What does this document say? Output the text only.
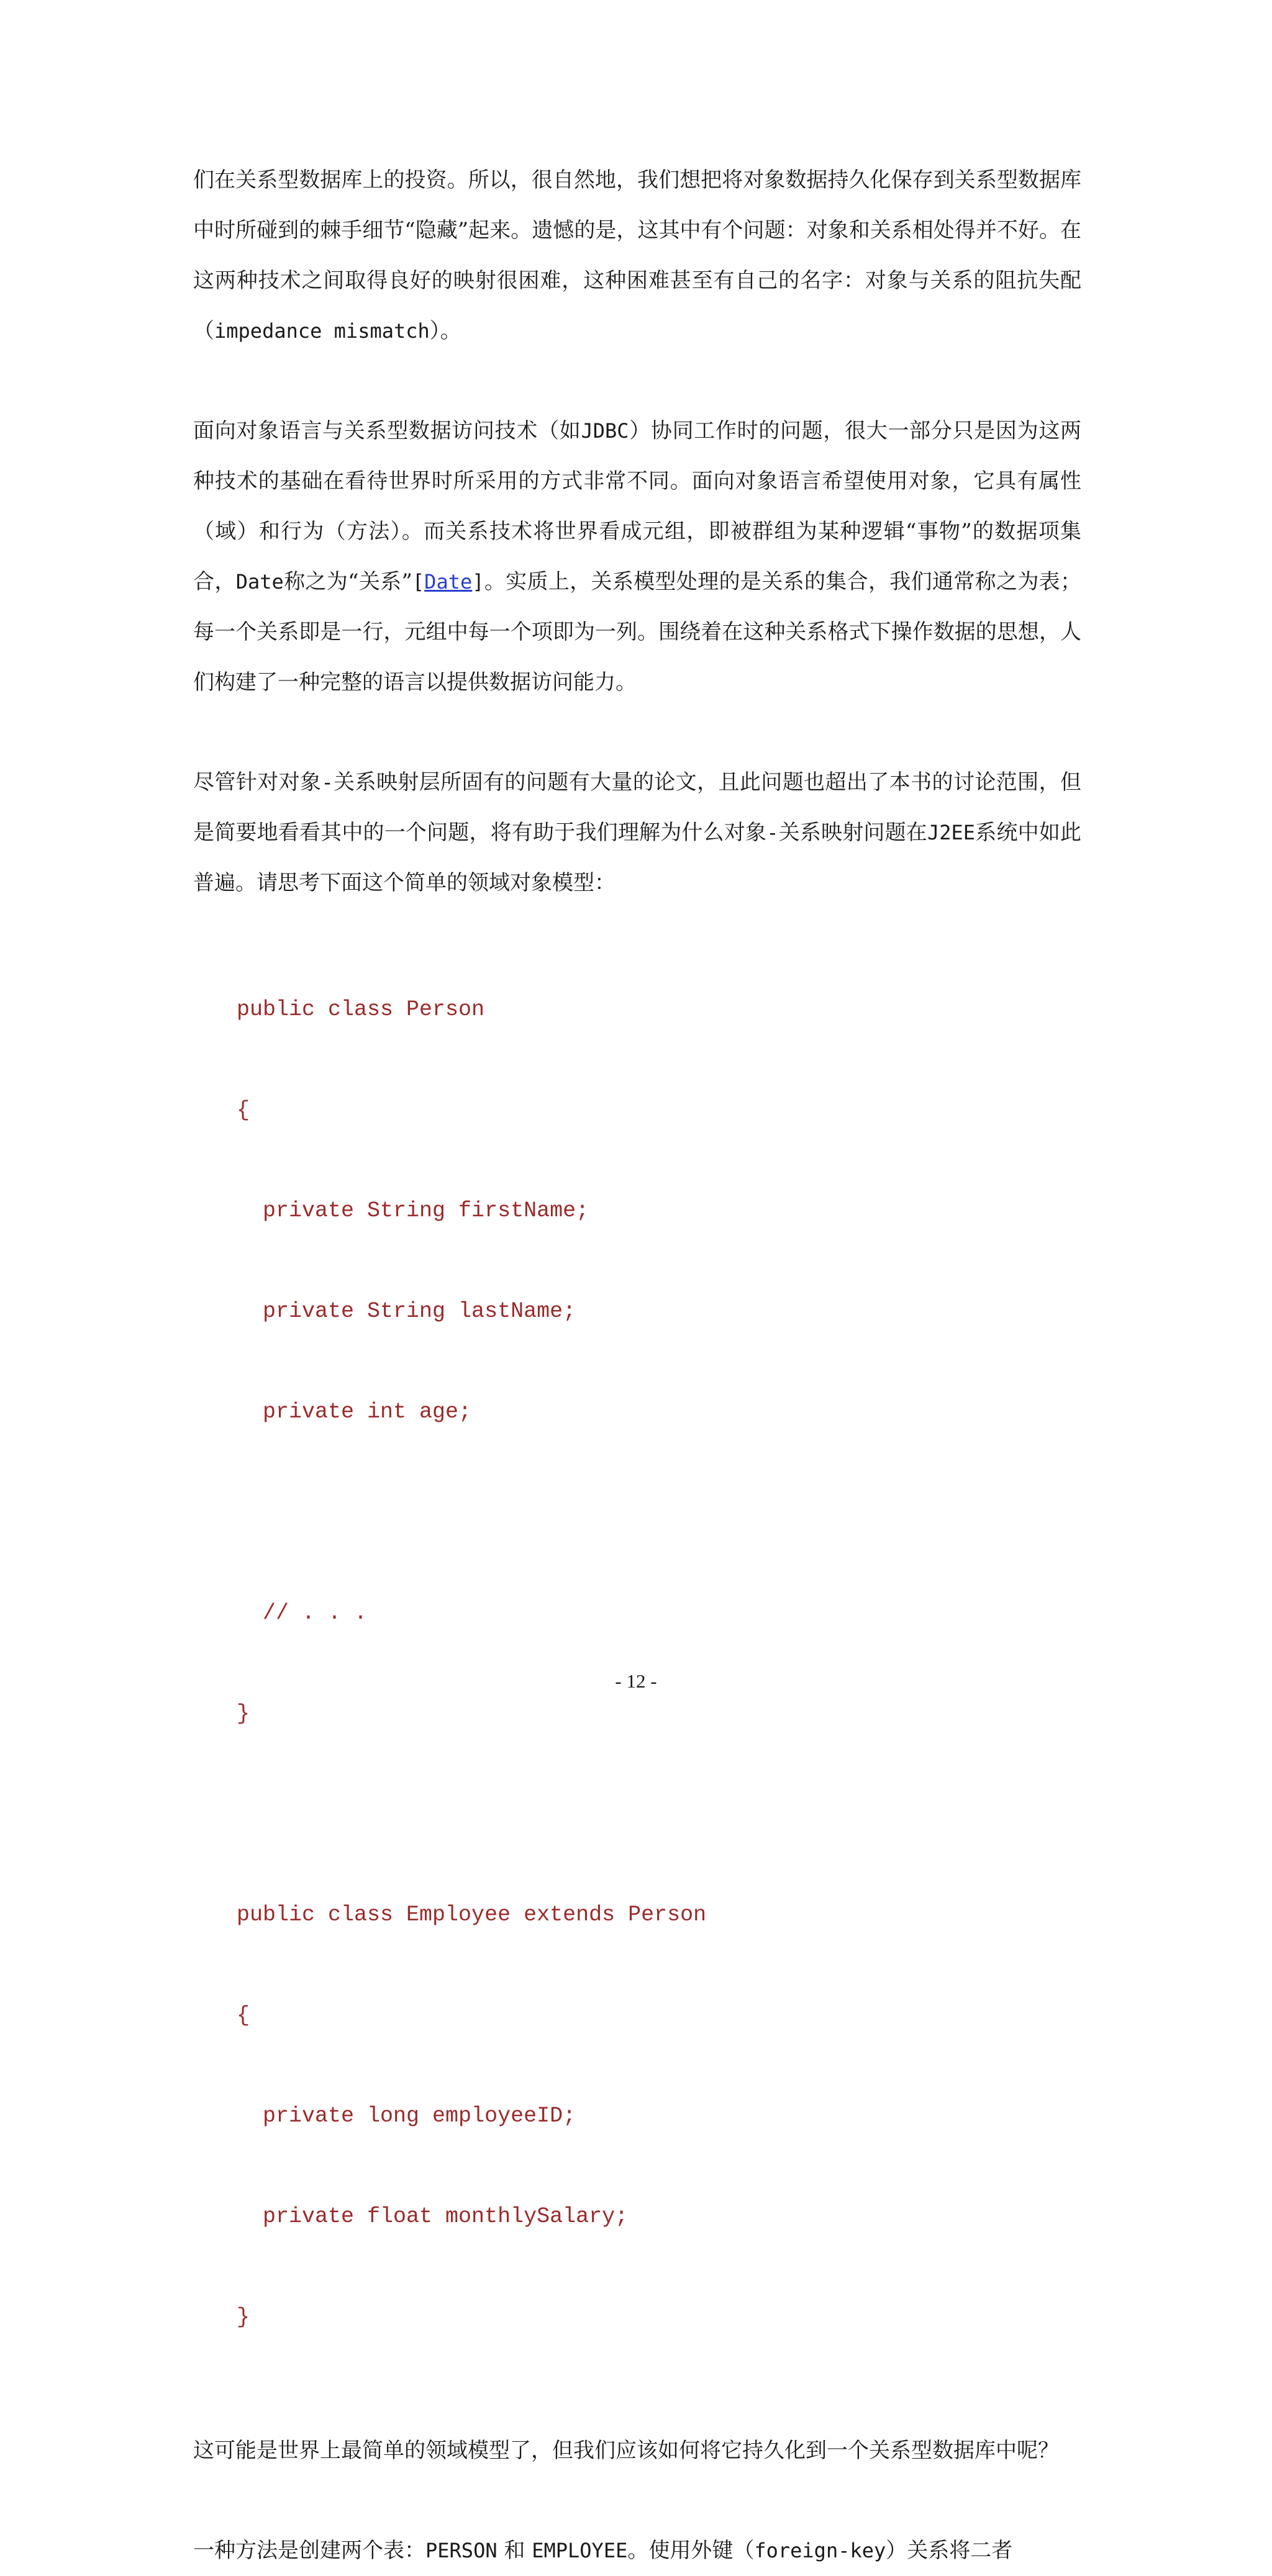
们在关系型数据库上的投资。所以，很自然地，我们想把将对象数据持久化保存到关系型数据库中时所碰到的棘手细节“隐藏”起来。遗憾的是，这其中有个问题：对象和关系相处得并不好。在这两种技术之间取得良好的映射很困难，这种困难甚至有自己的名字：对象与关系的阻抗失配（impedance mismatch）。

面向对象语言与关系型数据访问技术（如JDBC）协同工作时的问题，很大一部分只是因为这两种技术的基础在看待世界时所采用的方式非常不同。面向对象语言希望使用对象，它具有属性（域）和行为（方法）。而关系技术将世界看成元组，即被群组为某种逻辑“事物”的数据项集合，Date称之为“关系”[Date]。实质上，关系模型处理的是关系的集合，我们通常称之为表；每一个关系即是一行，元组中每一个项即为一列。围绕着在这种关系格式下操作数据的思想，人们构建了一种完整的语言以提供数据访问能力。

尽管针对对象-关系映射层所固有的问题有大量的论文，且此问题也超出了本书的讨论范围，但是简要地看看其中的一个问题，将有助于我们理解为什么对象-关系映射问题在J2EE系统中如此普遍。请思考下面这个简单的领域对象模型：

public class Person

{

private String firstName;

private String lastName;

private int age;

// . . .

}

public class Employee extends Person

{

private long employeeID;

private float monthlySalary;

}

这可能是世界上最简单的领域模型了，但我们应该如何将它持久化到一个关系型数据库中呢？

一种方法是创建两个表：PERSON 和 EMPLOYEE。使用外键（foreign-key）关系将二者

- 12 -
